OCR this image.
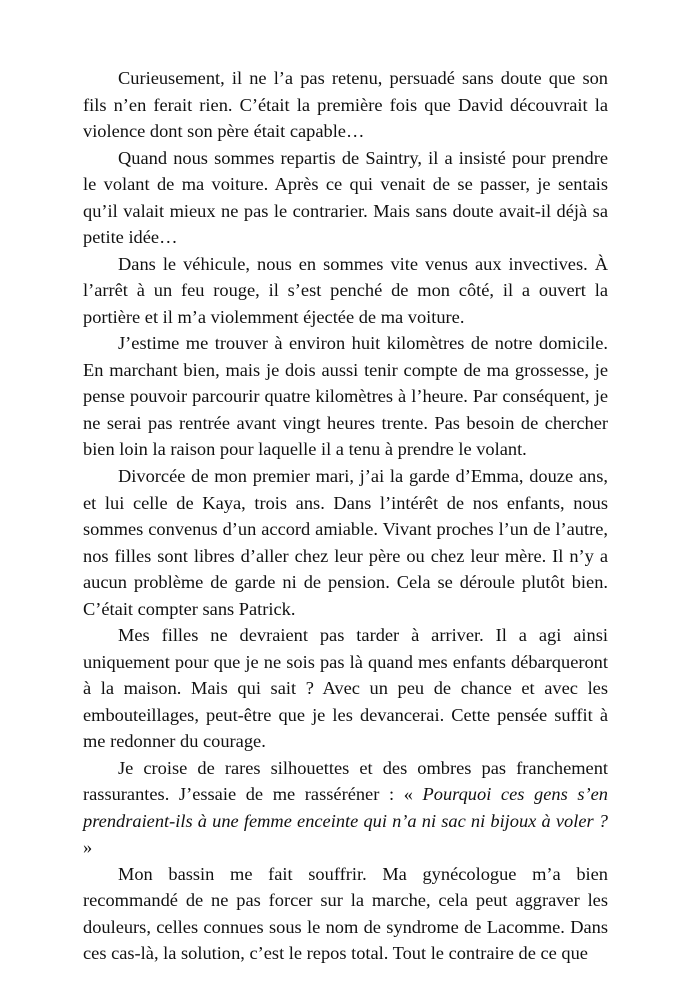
Curieusement, il ne l’a pas retenu, persuadé sans doute que son fils n’en ferait rien. C’était la première fois que David découvrait la violence dont son père était capable…

Quand nous sommes repartis de Saintry, il a insisté pour prendre le volant de ma voiture. Après ce qui venait de se passer, je sentais qu’il valait mieux ne pas le contrarier. Mais sans doute avait-il déjà sa petite idée…

Dans le véhicule, nous en sommes vite venus aux invectives. À l’arrêt à un feu rouge, il s’est penché de mon côté, il a ouvert la portière et il m’a violemment éjectée de ma voiture.

J’estime me trouver à environ huit kilomètres de notre domicile. En marchant bien, mais je dois aussi tenir compte de ma grossesse, je pense pouvoir parcourir quatre kilomètres à l’heure. Par conséquent, je ne serai pas rentrée avant vingt heures trente. Pas besoin de chercher bien loin la raison pour laquelle il a tenu à prendre le volant.

Divorcée de mon premier mari, j’ai la garde d’Emma, douze ans, et lui celle de Kaya, trois ans. Dans l’intérêt de nos enfants, nous sommes convenus d’un accord amiable. Vivant proches l’un de l’autre, nos filles sont libres d’aller chez leur père ou chez leur mère. Il n’y a aucun problème de garde ni de pension. Cela se déroule plutôt bien. C’était compter sans Patrick.

Mes filles ne devraient pas tarder à arriver. Il a agi ainsi uniquement pour que je ne sois pas là quand mes enfants débarqueront à la maison. Mais qui sait ? Avec un peu de chance et avec les embouteillages, peut-être que je les devancerai. Cette pensée suffit à me redonner du courage.

Je croise de rares silhouettes et des ombres pas franchement rassurantes. J’essaie de me rasséréner : « Pourquoi ces gens s’en prendraient-ils à une femme enceinte qui n’a ni sac ni bijoux à voler ? »

Mon bassin me fait souffrir. Ma gynécologue m’a bien recommandé de ne pas forcer sur la marche, cela peut aggraver les douleurs, celles connues sous le nom de syndrome de Lacomme. Dans ces cas-là, la solution, c’est le repos total. Tout le contraire de ce que
